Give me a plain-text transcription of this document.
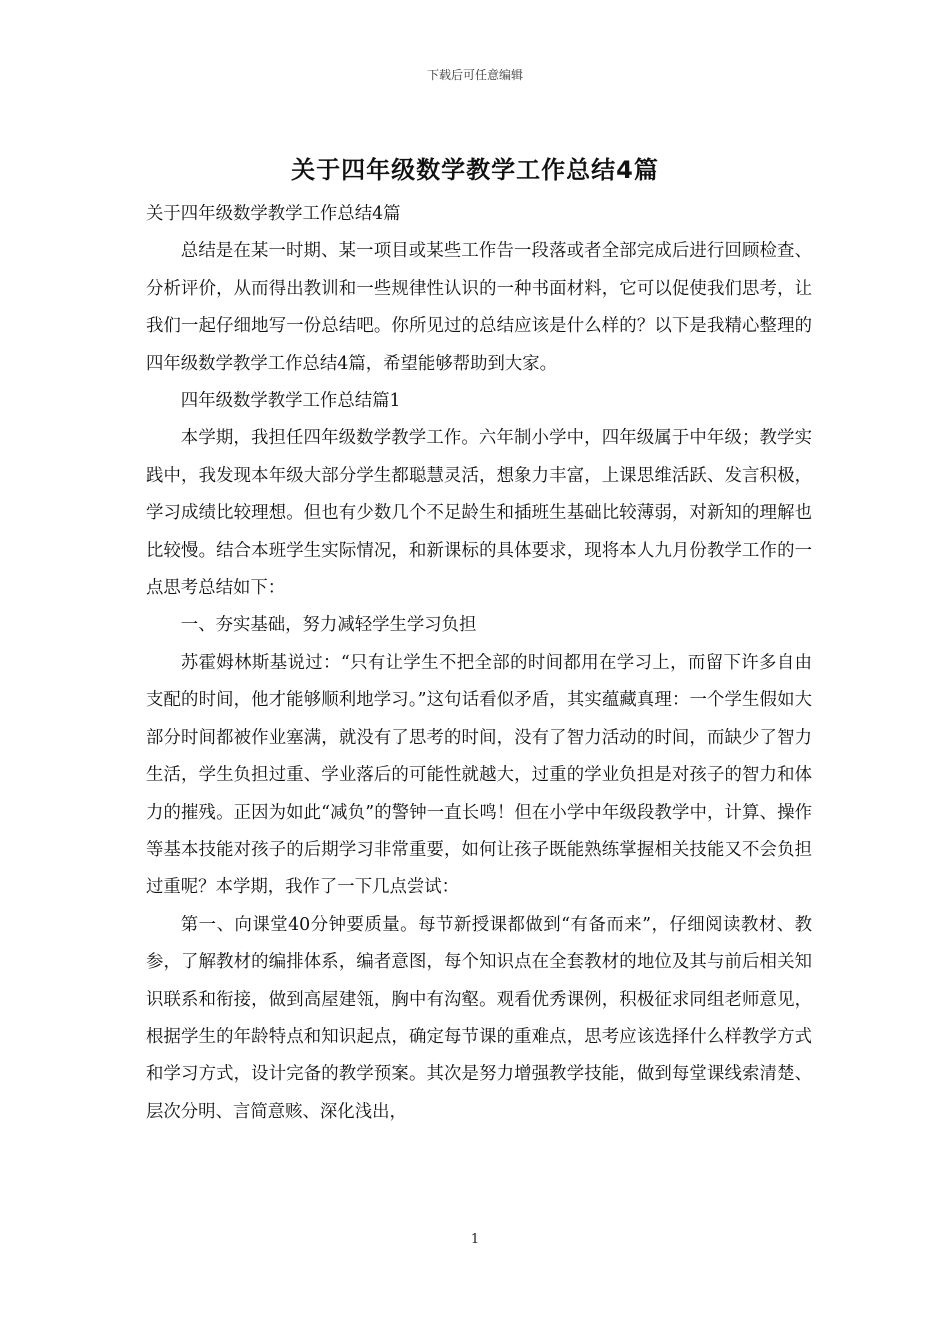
下载后可任意编辑
关于四年级数学教学工作总结4篇

关于四年级数学教学工作总结4篇

总结是在某一时期、某一项目或某些工作告一段落或者全部完成后进行回顾检查、分析评价，从而得出教训和一些规律性认识的一种书面材料，它可以促使我们思考，让我们一起仔细地写一份总结吧。你所见过的总结应该是什么样的？以下是我精心整理的四年级数学教学工作总结4篇，希望能够帮助到大家。

四年级数学教学工作总结篇1

本学期，我担任四年级数学教学工作。六年制小学中，四年级属于中年级；教学实践中，我发现本年级大部分学生都聪慧灵活，想象力丰富，上课思维活跃、发言积极，学习成绩比较理想。但也有少数几个不足龄生和插班生基础比较薄弱，对新知的理解也比较慢。结合本班学生实际情况，和新课标的具体要求，现将本人九月份教学工作的一点思考总结如下：

一、夯实基础，努力减轻学生学习负担

苏霍姆林斯基说过：“只有让学生不把全部的时间都用在学习上，而留下许多自由支配的时间，他才能够顺利地学习。”这句话看似矛盾，其实蕴藏真理：一个学生假如大部分时间都被作业塞满，就没有了思考的时间，没有了智力活动的时间，而缺少了智力生活，学生负担过重、学业落后的可能性就越大，过重的学业负担是对孩子的智力和体力的摧残。正因为如此“减负”的警钟一直长鸣！但在小学中年级段教学中，计算、操作等基本技能对孩子的后期学习非常重要，如何让孩子既能熟练掌握相关技能又不会负担过重呢？本学期，我作了一下几点尝试：

第一、向课堂40分钟要质量。每节新授课都做到“有备而来”，仔细阅读教材、教参，了解教材的编排体系，编者意图，每个知识点在全套教材的地位及其与前后相关知识联系和衔接，做到高屋建瓴，胸中有沟壑。观看优秀课例，积极征求同组老师意见，根据学生的年龄特点和知识起点，确定每节课的重难点，思考应该选择什么样教学方式和学习方式，设计完备的教学预案。其次是努力增强教学技能，做到每堂课线索清楚、层次分明、言简意赅、深化浅出，

1
